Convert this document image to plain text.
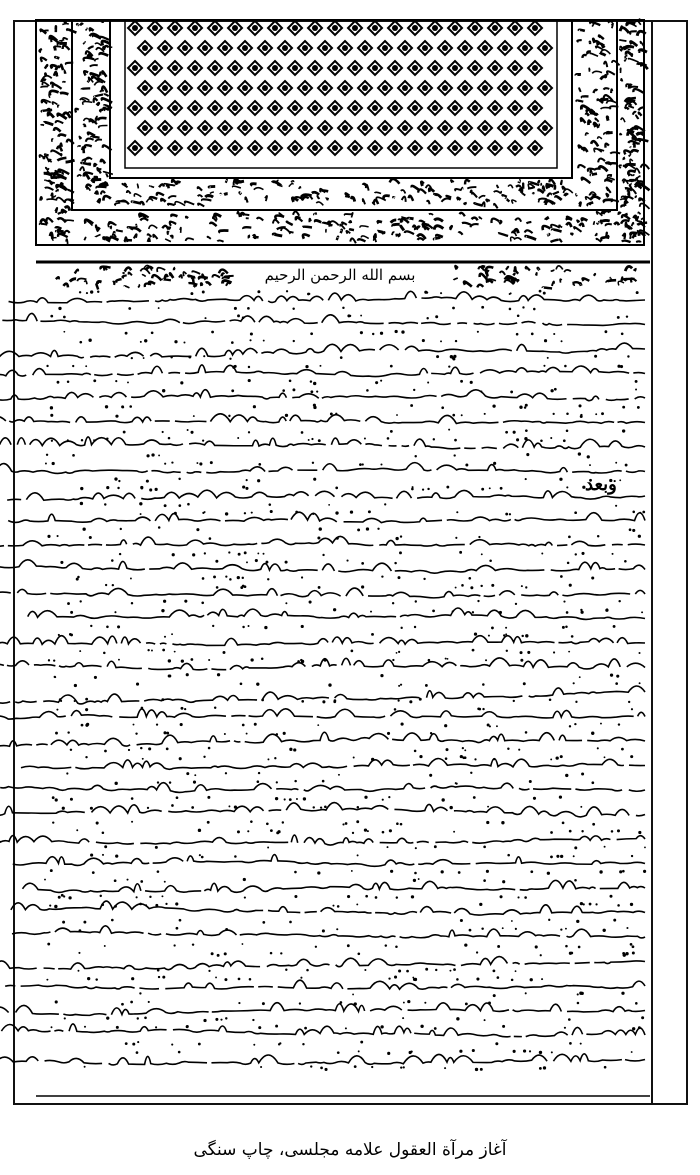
بسم الله الرحمن الرحيم
وبعد
آغاز مرآة العقول علامه مجلسی، چاپ سنگی
